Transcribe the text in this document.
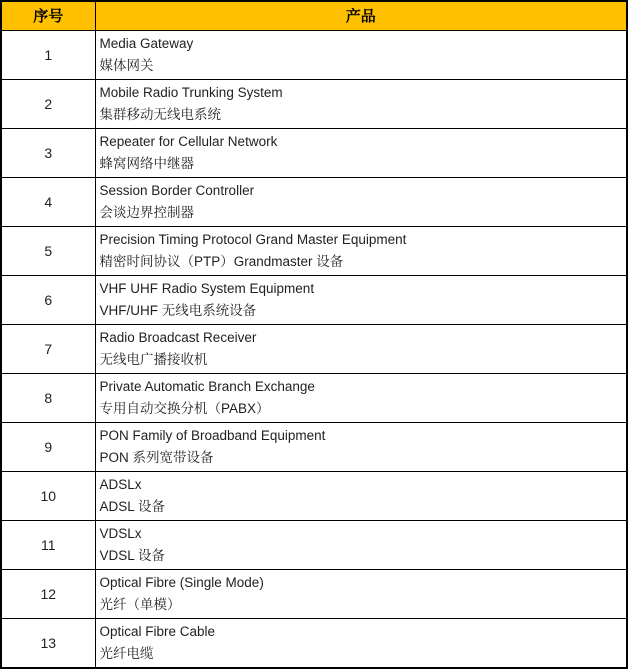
序号	产品
1	Media Gateway
媒体网关

2	Mobile Radio Trunking System
集群移动无线电系统

3	Repeater for Cellular Network
蜂窝网络中继器

4	Session Border Controller
会谈边界控制器

5	Precision Timing Protocol Grand Master Equipment
精密时间协议（PTP）Grandmaster 设备

6	VHF UHF Radio System Equipment
VHF/UHF 无线电系统设备

7	Radio Broadcast Receiver
无线电广播接收机

8	Private Automatic Branch Exchange
专用自动交换分机（PABX）

9	PON Family of Broadband Equipment
PON 系列宽带设备

10	ADSLx
ADSL 设备

11	VDSLx
VDSL 设备

12	Optical Fibre (Single Mode)
光纤（单模）

13	Optical Fibre Cable
光纤电缆
